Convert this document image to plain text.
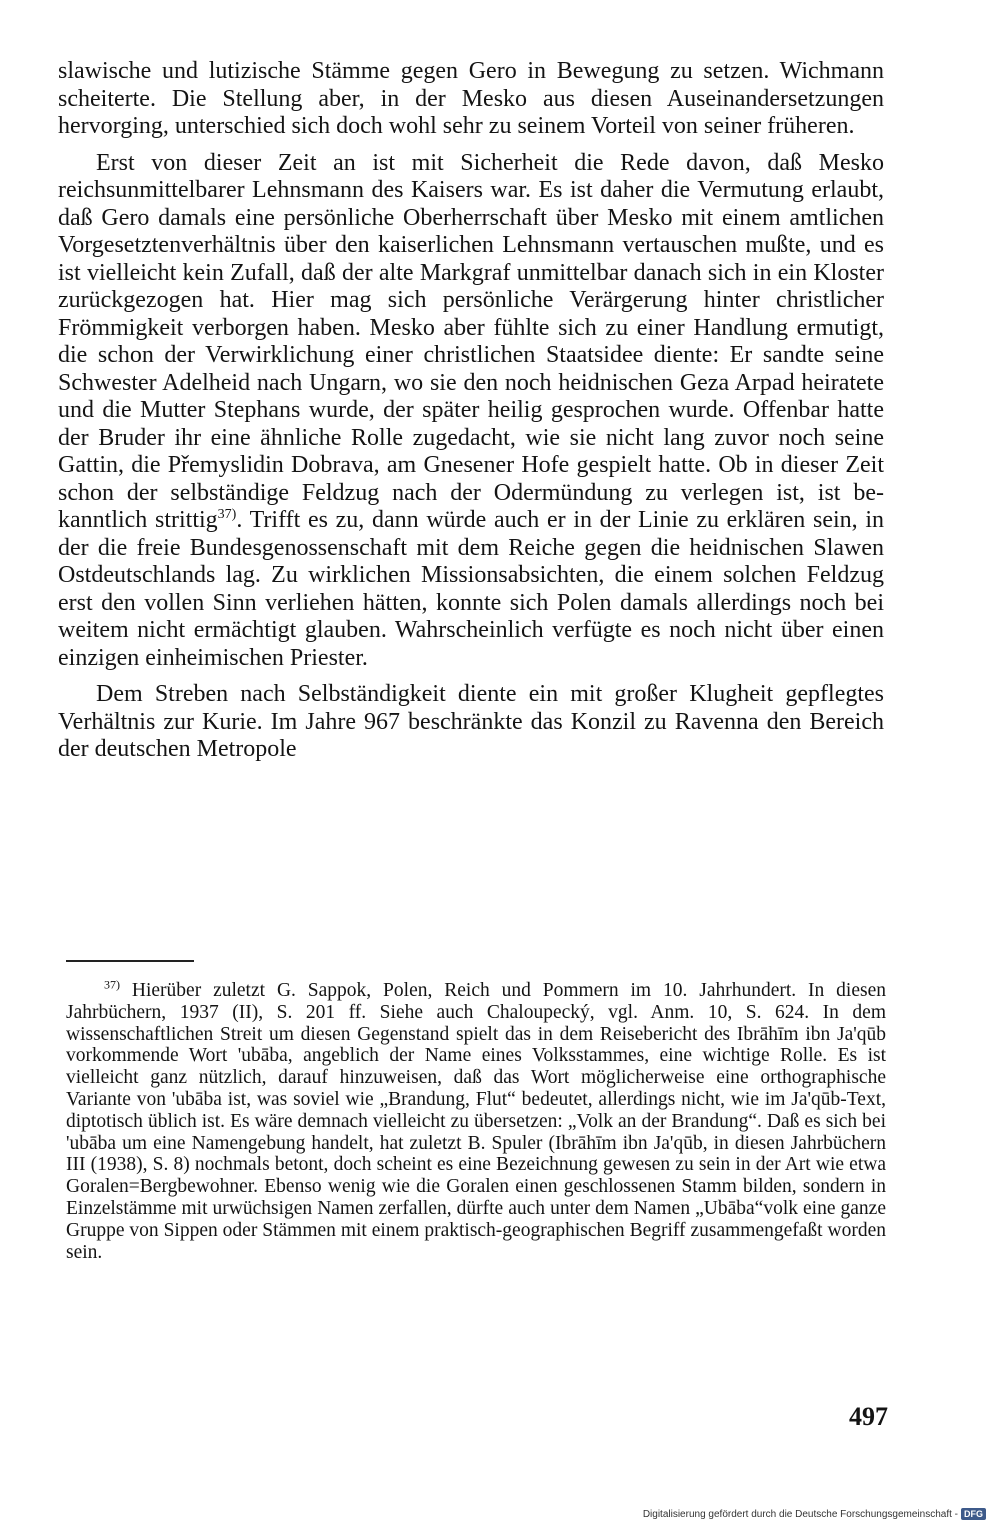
slawische und lutizische Stämme gegen Gero in Bewegung zu setzen. Wichmann scheiterte. Die Stellung aber, in der Mesko aus diesen Auseinandersetzungen hervorging, unterschied sich doch wohl sehr zu seinem Vorteil von seiner früheren.

Erst von dieser Zeit an ist mit Sicherheit die Rede davon, daß Mesko reichsunmittelbarer Lehnsmann des Kaisers war. Es ist daher die Vermutung erlaubt, daß Gero damals eine persönliche Oberherrschaft über Mesko mit einem amtlichen Vorgesetztenverhältnis über den kaiserlichen Lehnsmann vertauschen mußte, und es ist vielleicht kein Zufall, daß der alte Markgraf unmittelbar danach sich in ein Kloster zurückgezogen hat. Hier mag sich persönliche Verärgerung hinter christlicher Frömmigkeit verborgen haben. Mesko aber fühlte sich zu einer Handlung ermutigt, die schon der Verwirklichung einer christlichen Staatsidee diente: Er sandte seine Schwester Adelheid nach Ungarn, wo sie den noch heidnischen Geza Arpad heiratete und die Mutter Stephans wurde, der später heilig gesprochen wurde. Offenbar hatte der Bruder ihr eine ähnliche Rolle zugedacht, wie sie nicht lang zuvor noch seine Gattin, die Přemyslidin Dobrava, am Gnesener Hofe gespielt hatte. Ob in dieser Zeit schon der selbständige Feldzug nach der Odermündung zu verlegen ist, ist bekanntlich strittig$^{37)}$. Trifft es zu, dann würde auch er in der Linie zu erklären sein, in der die freie Bundesgenossenschaft mit dem Reiche gegen die heidnischen Slawen Ostdeutschlands lag. Zu wirklichen Missionsabsichten, die einem solchen Feldzug erst den vollen Sinn verliehen hätten, konnte sich Polen damals allerdings noch bei weitem nicht ermächtigt glauben. Wahrscheinlich verfügte es noch nicht über einen einzigen einheimischen Priester.

Dem Streben nach Selbständigkeit diente ein mit großer Klugheit gepflegtes Verhältnis zur Kurie. Im Jahre 967 beschränkte das Konzil zu Ravenna den Bereich der deutschen Metropole

$^{37)}$ Hierüber zuletzt G. Sappok, Polen, Reich und Pommern im 10. Jahrhundert. In diesen Jahrbüchern, 1937 (II), S. 201 ff. Siehe auch Chaloupecký, vgl. Anm. 10, S. 624. In dem wissenschaftlichen Streit um diesen Gegenstand spielt das in dem Reisebericht des Ibrāhīm ibn Ja'qūb vorkommende Wort 'ubāba, angeblich der Name eines Volksstammes, eine wichtige Rolle. Es ist vielleicht ganz nützlich, darauf hinzuweisen, daß das Wort möglicherweise eine orthographische Variante von 'ubāba ist, was soviel wie „Brandung, Flut“ bedeutet, allerdings nicht, wie im Ja'qūb-Text, diptotisch üblich ist. Es wäre demnach vielleicht zu übersetzen: „Volk an der Brandung“. Daß es sich bei 'ubāba um eine Namengebung handelt, hat zuletzt B. Spuler (Ibrāhīm ibn Ja'qūb, in diesen Jahrbüchern III (1938), S. 8) nochmals betont, doch scheint es eine Bezeichnung gewesen zu sein in der Art wie etwa Goralen=Bergbewohner. Ebenso wenig wie die Goralen einen geschlossenen Stamm bilden, sondern in Einzelstämme mit urwüchsigen Namen zerfallen, dürfte auch unter dem Namen „Ubāba“volk eine ganze Gruppe von Sippen oder Stämmen mit einem praktisch-geographischen Begriff zusammengefaßt worden sein.

497
Digitalisierung gefördert durch die Deutsche Forschungsgemeinschaft - DFG
